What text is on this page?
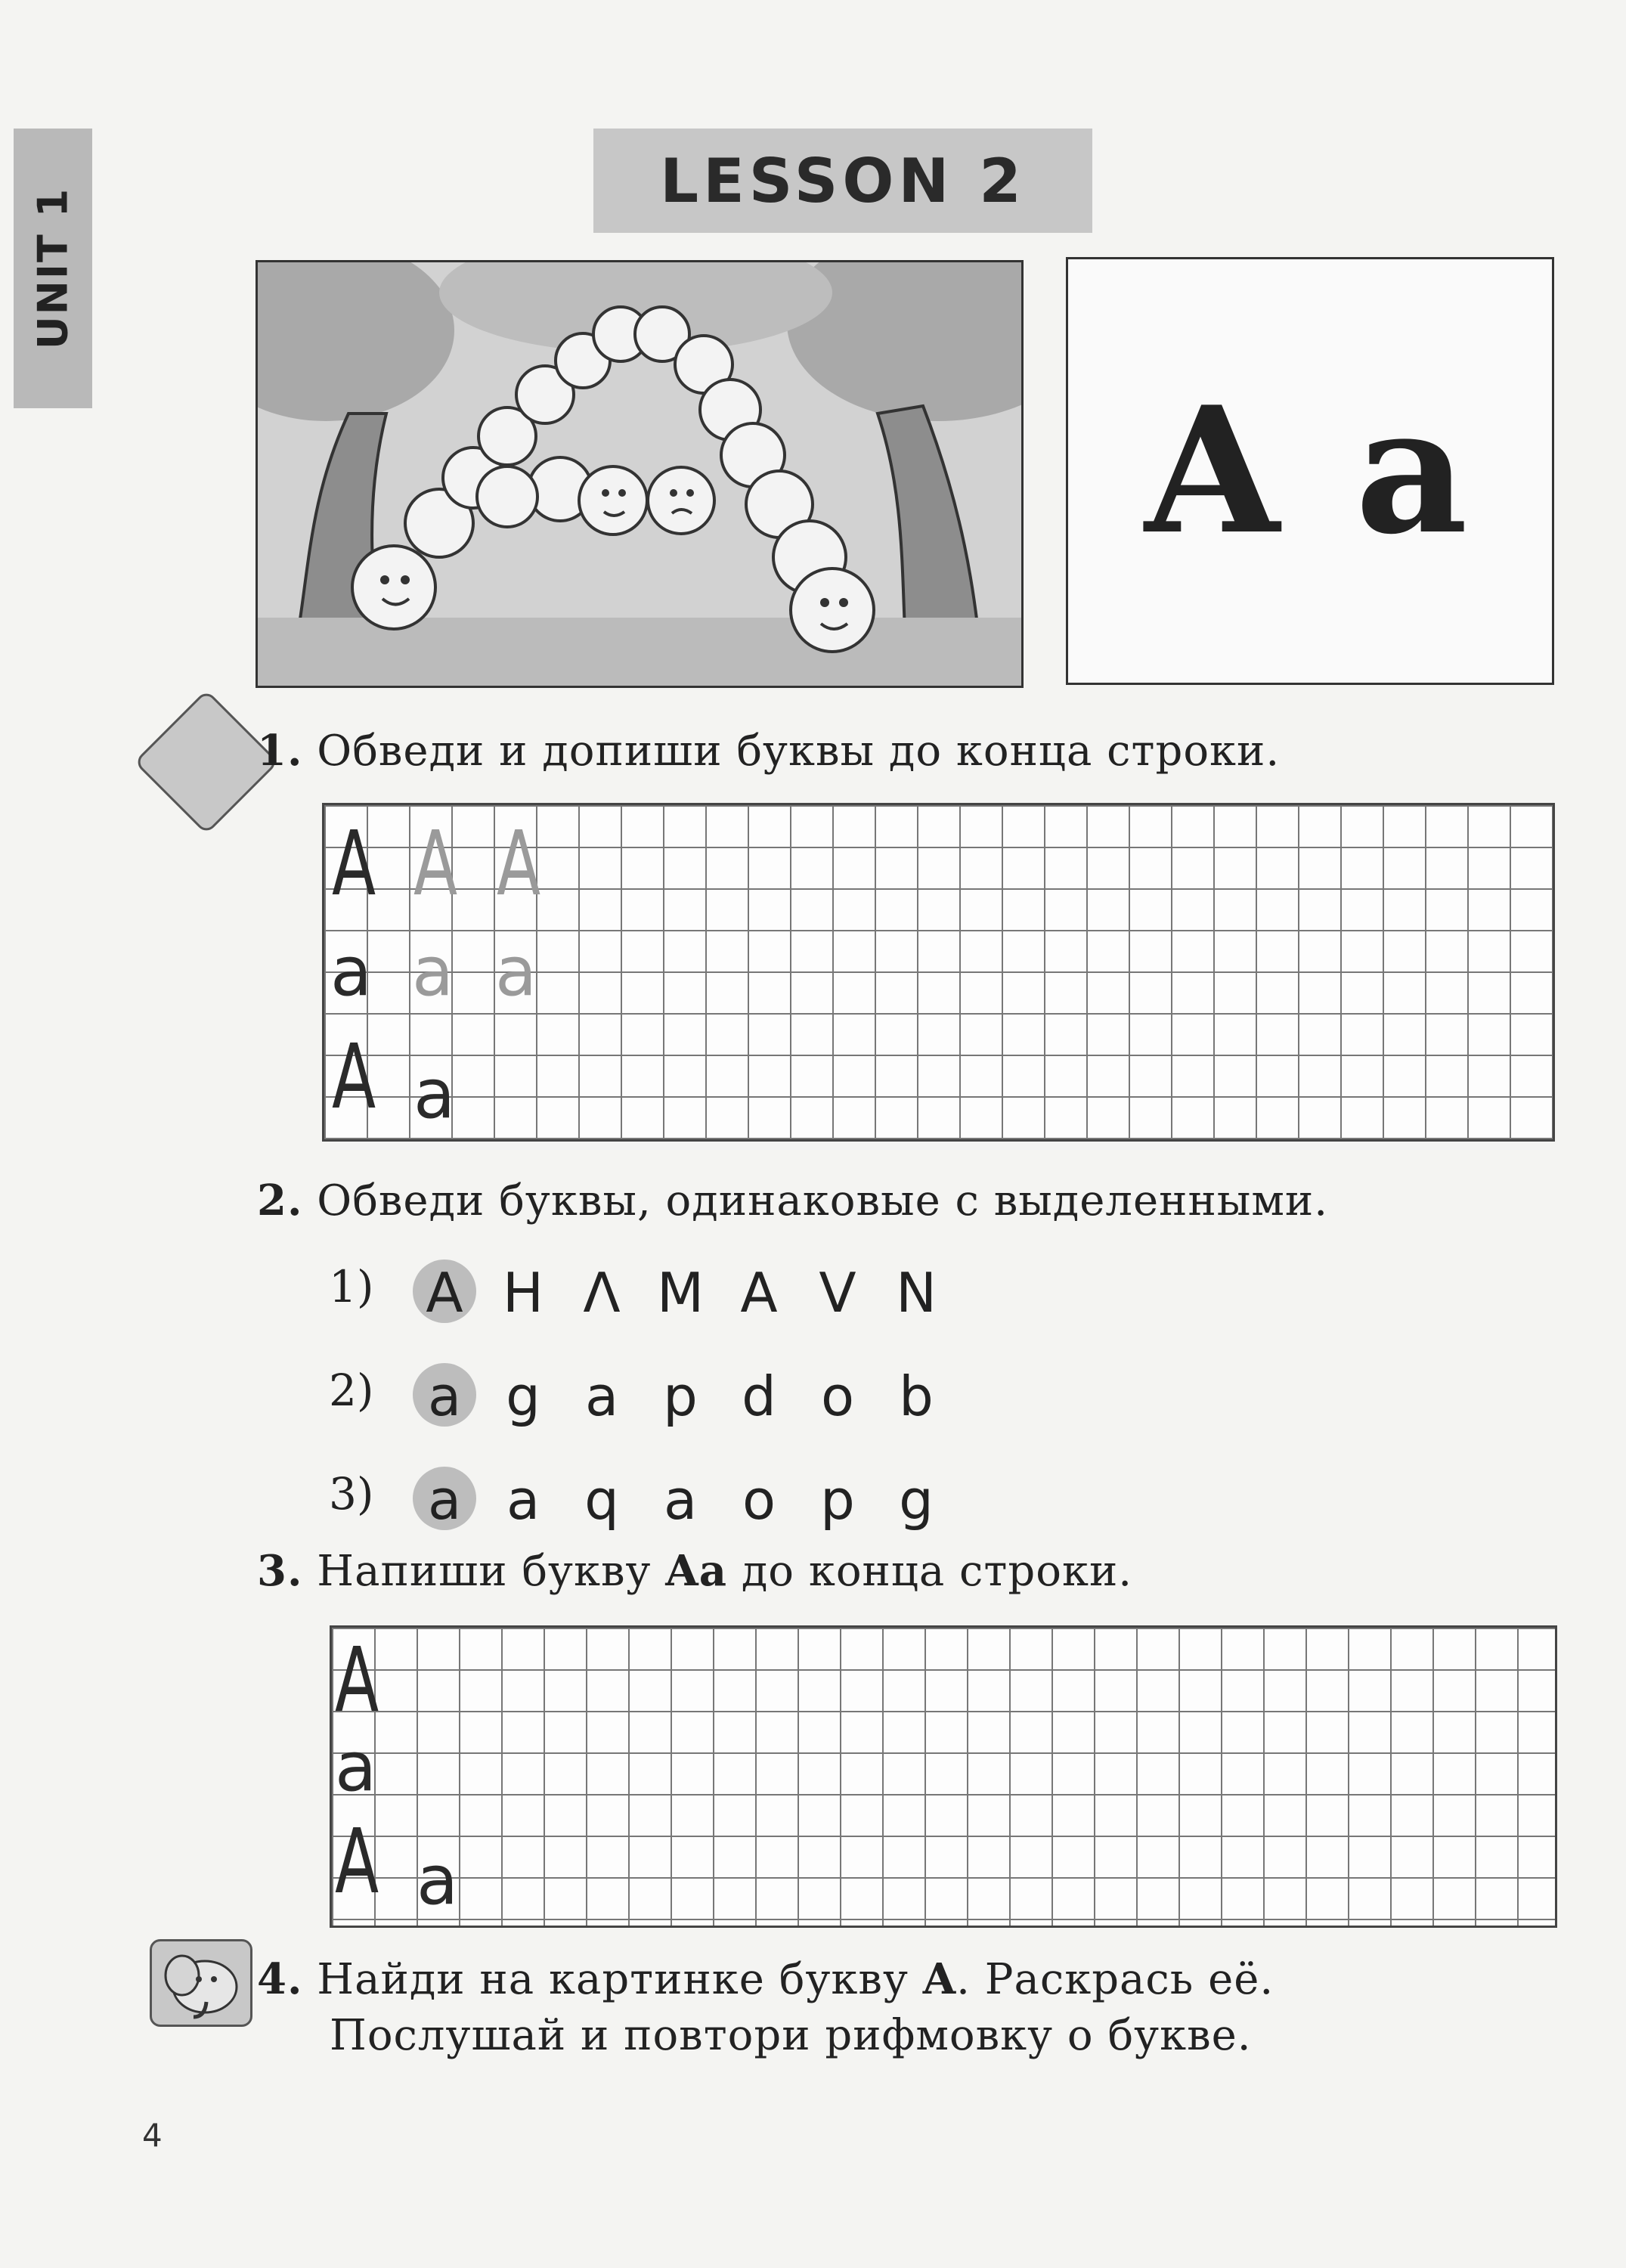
UNIT 1
LESSON 2
A a
1. Обведи и допиши буквы до конца строки.
A A A
a a a
A a
2. Обведи буквы, одинаковые с выделенными.
1) A H Λ M A V N
2) a g a p d o b
3) a a q a o p g
3. Напиши букву Aa до конца строки.
A
a
A a
4. Найди на картинке букву A. Раскрась её.
Послушай и повтори рифмовку о букве.
4
